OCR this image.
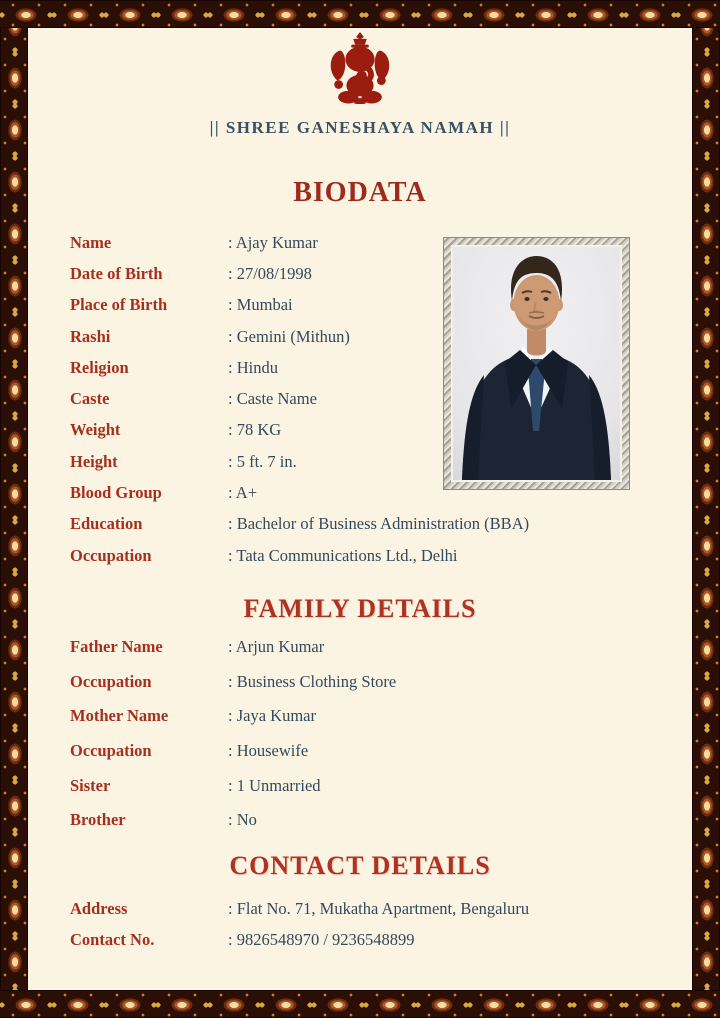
|| SHREE GANESHAYA NAMAH ||
BIODATA
Name	: Ajay Kumar
Date of Birth	: 27/08/1998
Place of Birth	: Mumbai
Rashi	: Gemini (Mithun)
Religion	: Hindu
Caste	: Caste Name
Weight	: 78 KG
Height	: 5 ft. 7 in.
Blood Group	: A+
Education	: Bachelor of Business Administration (BBA)
Occupation	: Tata Communications Ltd., Delhi
FAMILY DETAILS
Father Name	: Arjun Kumar
Occupation	: Business Clothing Store
Mother Name	: Jaya Kumar
Occupation	: Housewife
Sister	: 1 Unmarried
Brother	: No
CONTACT DETAILS
Address	: Flat No. 71, Mukatha Apartment, Bengaluru
Contact No.	: 9826548970 / 9236548899
